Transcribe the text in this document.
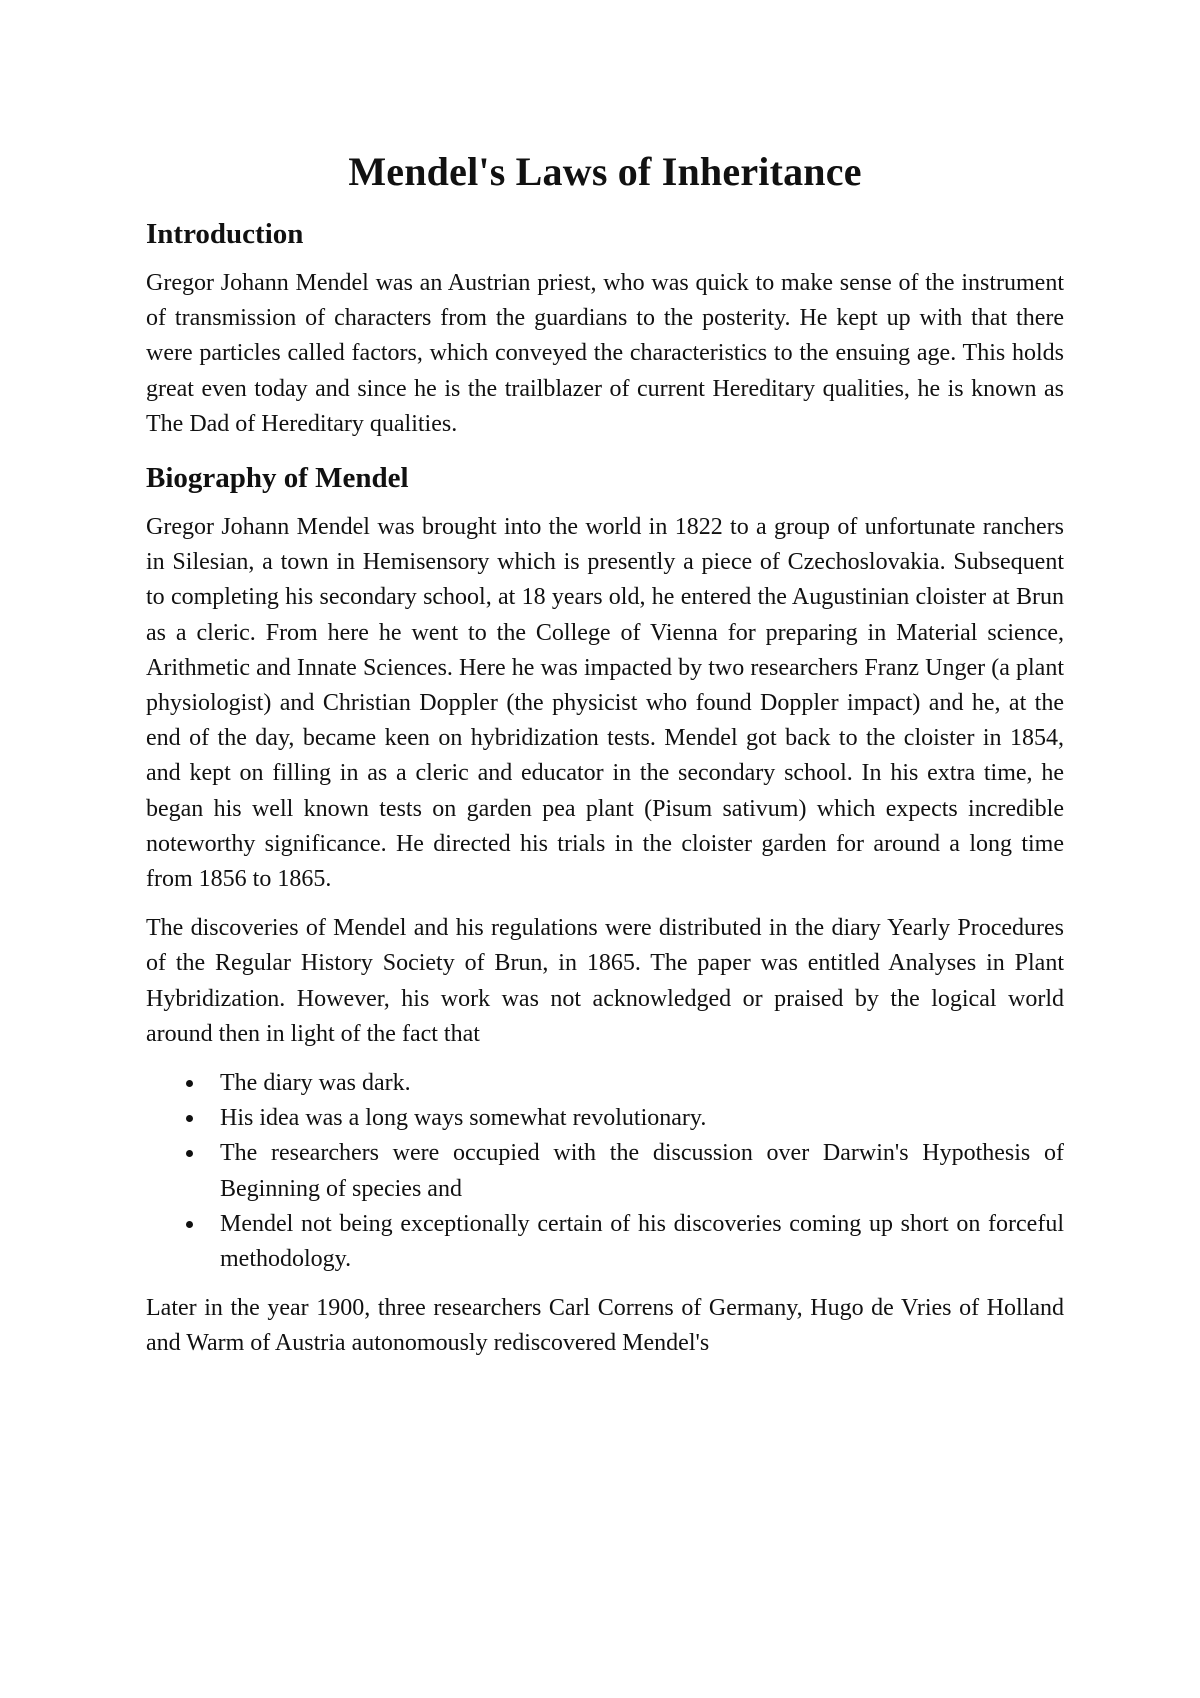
Mendel's Laws of Inheritance
Introduction

Gregor Johann Mendel was an Austrian priest, who was quick to make sense of the instrument of transmission of characters from the guardians to the posterity. He kept up with that there were particles called factors, which conveyed the characteristics to the ensuing age. This holds great even today and since he is the trailblazer of current Hereditary qualities, he is known as The Dad of Hereditary qualities.

Biography of Mendel

Gregor Johann Mendel was brought into the world in 1822 to a group of unfortunate ranchers in Silesian, a town in Hemisensory which is presently a piece of Czechoslovakia. Subsequent to completing his secondary school, at 18 years old, he entered the Augustinian cloister at Brun as a cleric. From here he went to the College of Vienna for preparing in Material science, Arithmetic and Innate Sciences. Here he was impacted by two researchers Franz Unger (a plant physiologist) and Christian Doppler (the physicist who found Doppler impact) and he, at the end of the day, became keen on hybridization tests. Mendel got back to the cloister in 1854, and kept on filling in as a cleric and educator in the secondary school. In his extra time, he began his well known tests on garden pea plant (Pisum sativum) which expects incredible noteworthy significance. He directed his trials in the cloister garden for around a long time from 1856 to 1865.

The discoveries of Mendel and his regulations were distributed in the diary Yearly Procedures of the Regular History Society of Brun, in 1865. The paper was entitled Analyses in Plant Hybridization. However, his work was not acknowledged or praised by the logical world around then in light of the fact that

The diary was dark.
His idea was a long ways somewhat revolutionary.
The researchers were occupied with the discussion over Darwin's Hypothesis of Beginning of species and
Mendel not being exceptionally certain of his discoveries coming up short on forceful methodology.

Later in the year 1900, three researchers Carl Correns of Germany, Hugo de Vries of Holland and Warm of Austria autonomously rediscovered Mendel's
